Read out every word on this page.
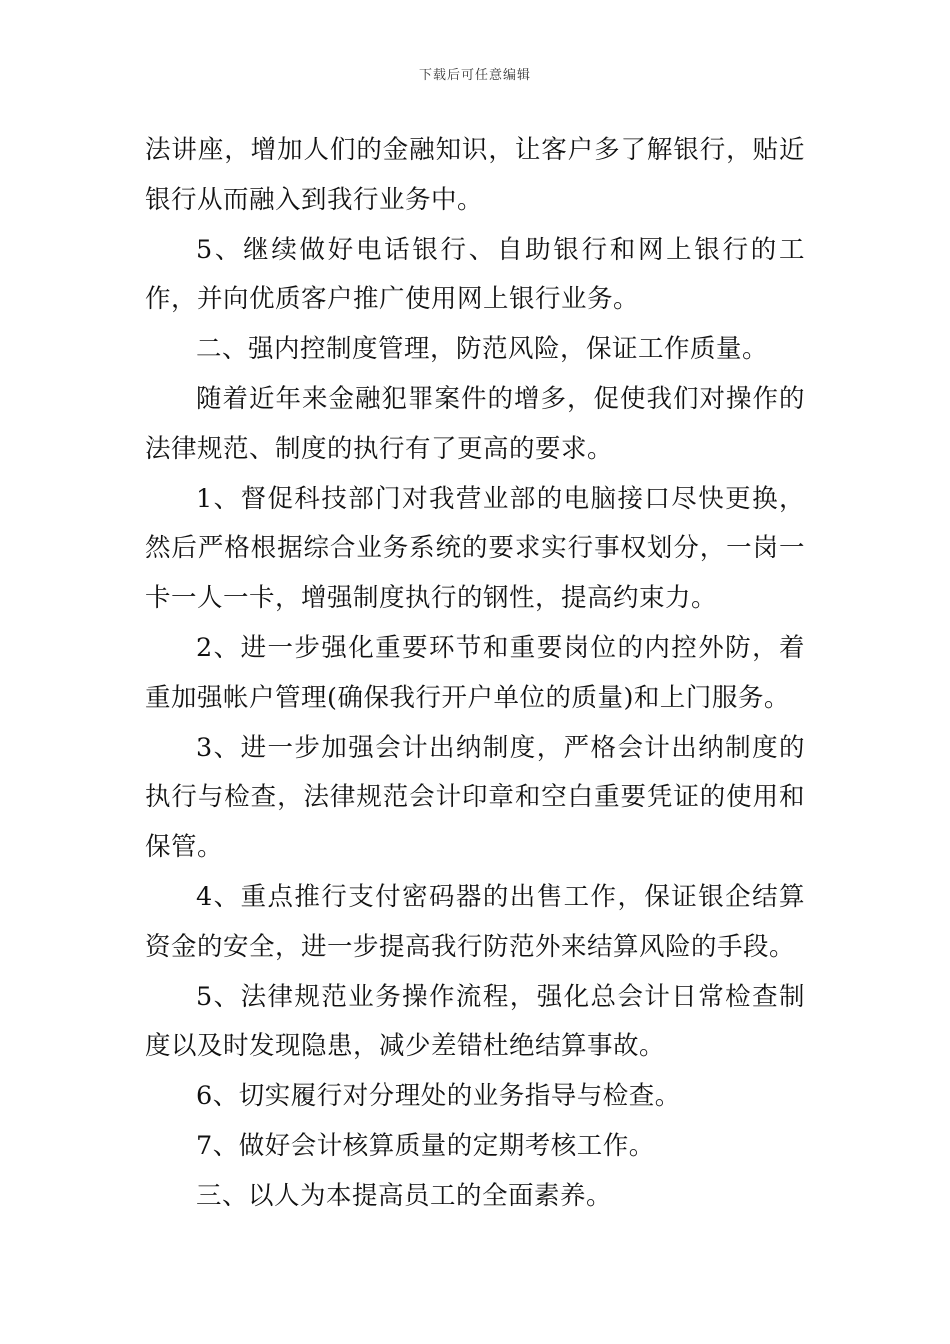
下载后可任意编辑

法讲座，增加人们的金融知识，让客户多了解银行，贴近银行从而融入到我行业务中。

5、继续做好电话银行、自助银行和网上银行的工作，并向优质客户推广使用网上银行业务。

二、强内控制度管理，防范风险，保证工作质量。

随着近年来金融犯罪案件的增多，促使我们对操作的法律规范、制度的执行有了更高的要求。

1、督促科技部门对我营业部的电脑接口尽快更换，然后严格根据综合业务系统的要求实行事权划分，一岗一卡一人一卡，增强制度执行的钢性，提高约束力。

2、进一步强化重要环节和重要岗位的内控外防，着重加强帐户管理(确保我行开户单位的质量)和上门服务。

3、进一步加强会计出纳制度，严格会计出纳制度的执行与检查，法律规范会计印章和空白重要凭证的使用和保管。

4、重点推行支付密码器的出售工作，保证银企结算资金的安全，进一步提高我行防范外来结算风险的手段。

5、法律规范业务操作流程，强化总会计日常检查制度以及时发现隐患，减少差错杜绝结算事故。

6、切实履行对分理处的业务指导与检查。

7、做好会计核算质量的定期考核工作。

三、以人为本提高员工的全面素养。
